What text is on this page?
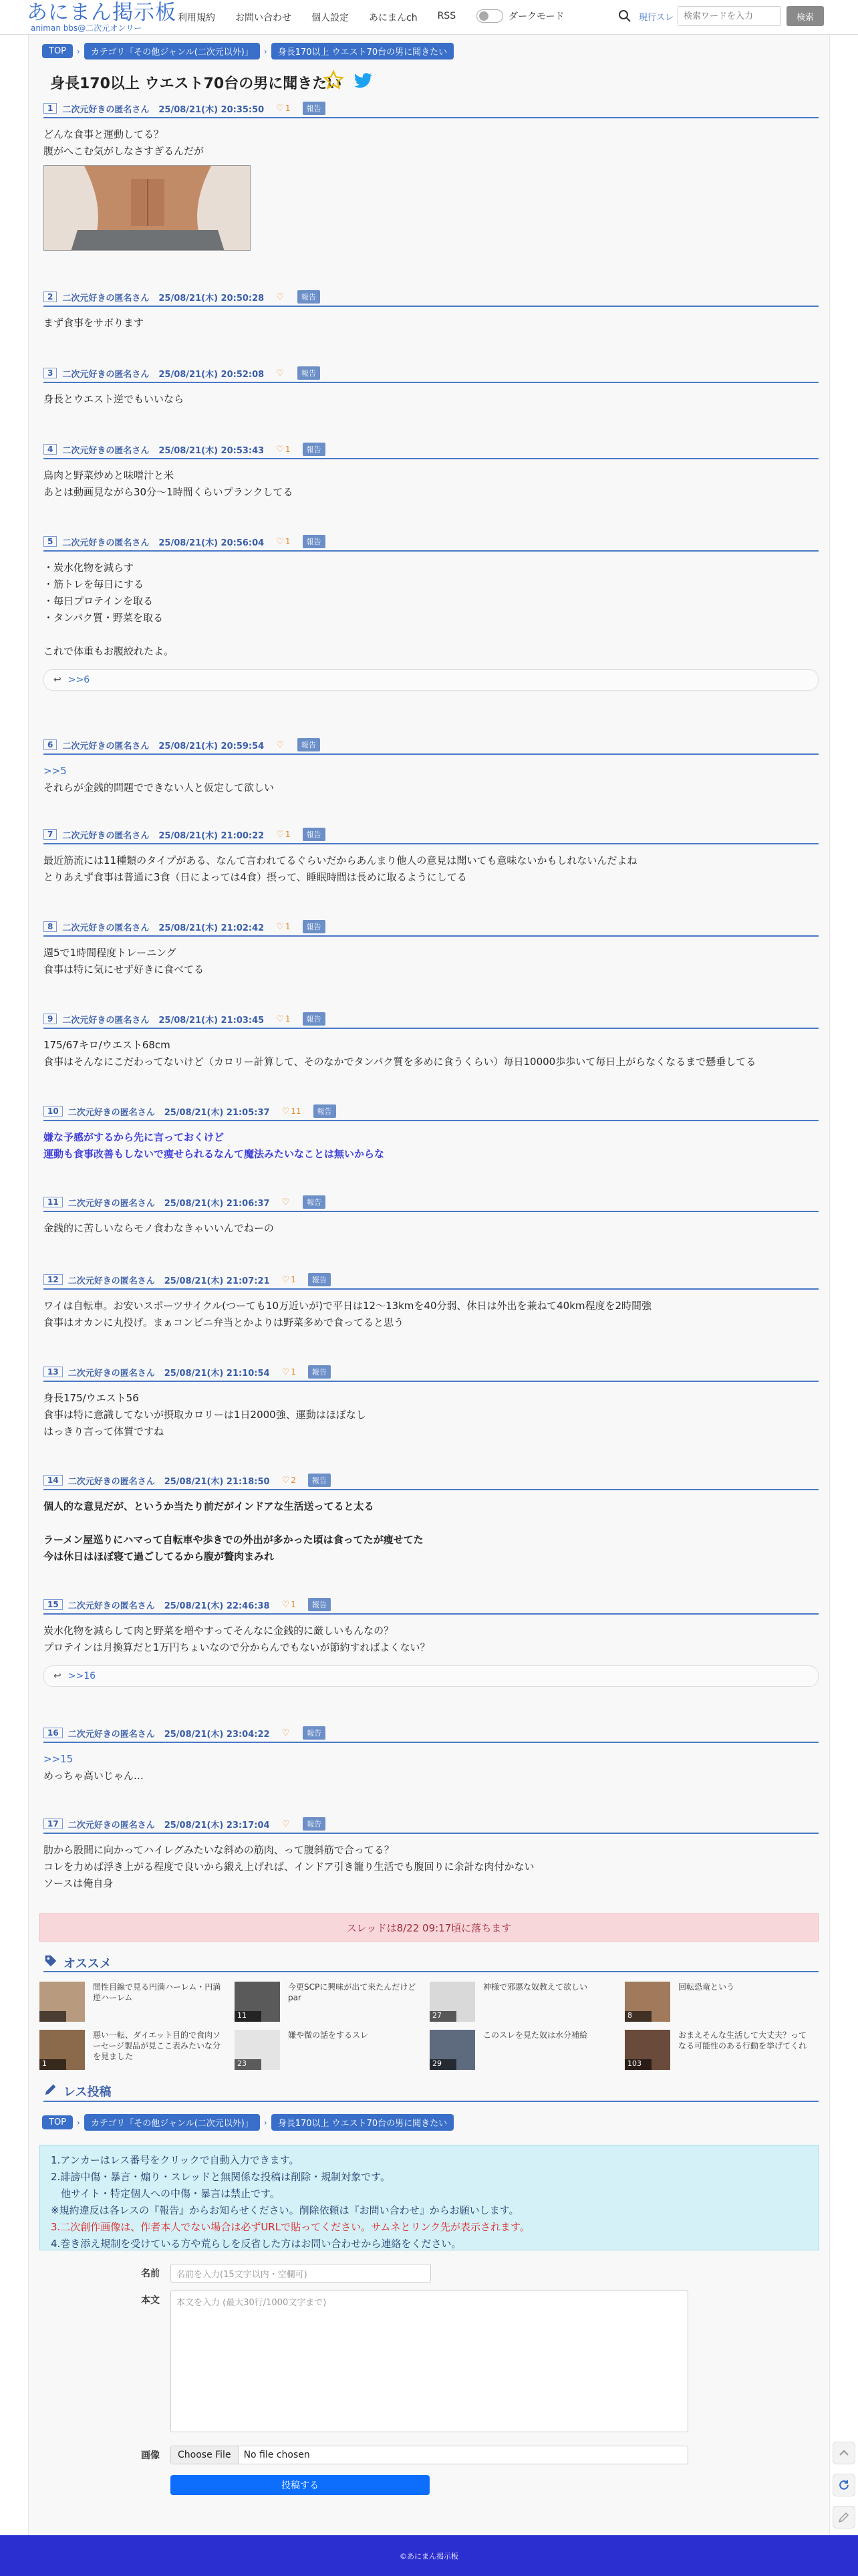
あにまん掲示板
animan bbs@二次元オンリー
利用規約 お問い合わせ 個人設定 あにまんch RSS	ダークモード	現行スレ
検索ワードを入力	検索
TOP	›	カテゴリ「その他ジャンル(二次元以外)」	›	身長170以上 ウエスト70台の男に聞きたい
身長170以上 ウエスト70台の男に聞きたい
1	二次元好きの匿名さん 25/08/21(木) 20:35:50 ♡ 1	報告
どんな食事と運動してる？
腹がへこむ気がしなさすぎるんだが
2	二次元好きの匿名さん 25/08/21(木) 20:50:28 ♡	報告
まず食事をサボります
3	二次元好きの匿名さん 25/08/21(木) 20:52:08 ♡	報告
身長とウエスト逆でもいいなら
4	二次元好きの匿名さん 25/08/21(木) 20:53:43 ♡ 1	報告
鳥肉と野菜炒めと味噌汁と米
あとは動画見ながら30分〜1時間くらいプランクしてる
5	二次元好きの匿名さん 25/08/21(木) 20:56:04 ♡ 1	報告
・炭水化物を減らす
・筋トレを毎日にする
・毎日プロテインを取る
・タンパク質・野菜を取る

これで体重もお腹絞れたよ。
↩ >>6
6	二次元好きの匿名さん 25/08/21(木) 20:59:54 ♡	報告
>>5
それらが金銭的問題でできない人と仮定して欲しい
7	二次元好きの匿名さん 25/08/21(木) 21:00:22 ♡ 1	報告
最近筋流には11種類のタイプがある、なんて言われてるぐらいだからあんまり他人の意見は聞いても意味ないかもしれないんだよね
とりあえず食事は普通に3食（日によっては4食）摂って、睡眠時間は長めに取るようにしてる
8	二次元好きの匿名さん 25/08/21(木) 21:02:42 ♡ 1	報告
週5で1時間程度トレーニング
食事は特に気にせず好きに食べてる
9	二次元好きの匿名さん 25/08/21(木) 21:03:45 ♡ 1	報告
175/67キロ/ウエスト68cm
食事はそんなにこだわってないけど（カロリー計算して、そのなかでタンパク質を多めに食うくらい）毎日10000歩歩いて毎日上がらなくなるまで懸垂してる
10	二次元好きの匿名さん 25/08/21(木) 21:05:37 ♡ 11	報告
嫌な予感がするから先に言っておくけど
運動も食事改善もしないで痩せられるなんて魔法みたいなことは無いからな
11	二次元好きの匿名さん 25/08/21(木) 21:06:37 ♡	報告
金銭的に苦しいならモノ食わなきゃいいんでねーの
12	二次元好きの匿名さん 25/08/21(木) 21:07:21 ♡ 1	報告
ワイは自転車。お安いスポーツサイクル(つーても10万近いが)で平日は12〜13kmを40分弱、休日は外出を兼ねて40km程度を2時間強
食事はオカンに丸投げ。まぁコンビニ弁当とかよりは野菜多めで食ってると思う
13	二次元好きの匿名さん 25/08/21(木) 21:10:54 ♡ 1	報告
身長175/ウエスト56
食事は特に意識してないが摂取カロリーは1日2000強、運動はほぼなし
はっきり言って体質ですね
14	二次元好きの匿名さん 25/08/21(木) 21:18:50 ♡ 2	報告
個人的な意見だが、というか当たり前だがインドアな生活送ってると太る

ラーメン屋巡りにハマって自転車や歩きでの外出が多かった頃は食ってたが痩せてた
今は休日はほぼ寝て過ごしてるから腹が贅肉まみれ
15	二次元好きの匿名さん 25/08/21(木) 22:46:38 ♡ 1	報告
炭水化物を減らして肉と野菜を増やすってそんなに金銭的に厳しいもんなの？
プロテインは月換算だと1万円ちょいなので分からんでもないが節約すればよくない？
↩ >>16
16	二次元好きの匿名さん 25/08/21(木) 23:04:22 ♡	報告
>>15
めっちゃ高いじゃん…
17	二次元好きの匿名さん 25/08/21(木) 23:17:04 ♡	報告
肋から股間に向かってハイレグみたいな斜めの筋肉、って腹斜筋で合ってる？
コレを力めば浮き上がる程度で良いから鍛え上げれば、インドア引き籠り生活でも腹回りに余計な肉付かない
ソースは俺自身
スレッドは8/22 09:17頃に落ちます
オススメ
間性目線で見る円満ハーレム・円満逆ハーレム
11
今更SCPに興味が出て来たんだけどpar
27
神様で邪悪な奴教えて欲しい
8
回転恐竜という
1
悪い一転、ダイエット目的で食肉ソーセージ製品が見ここ表みたいな分を見ました
23
嫌や微の話をするスレ
29
このスレを見た奴は水分補給
103
おまえそんな生活して大丈夫？ってなる可能性のある行動を挙げてくれ
レス投稿
TOP	›	カテゴリ「その他ジャンル(二次元以外)」	›	身長170以上 ウエスト70台の男に聞きたい
1.アンカーはレス番号をクリックで自動入力できます。
2.誹謗中傷・暴言・煽り・スレッドと無関係な投稿は削除・規制対象です。
　他サイト・特定個人への中傷・暴言は禁止です。
※規約違反は各レスの『報告』からお知らせください。削除依頼は『お問い合わせ』からお願いします。
3.二次創作画像は、作者本人でない場合は必ずURLで貼ってください。サムネとリンク先が表示されます。
4.巻き添え規制を受けている方や荒らしを反省した方はお問い合わせから連絡をください。
名前	名前を入力(15文字以内・空欄可)
本文	本文を入力 (最大30行/1000文字まで)
画像	Choose File	No file chosen
投稿する
©あにまん掲示板
